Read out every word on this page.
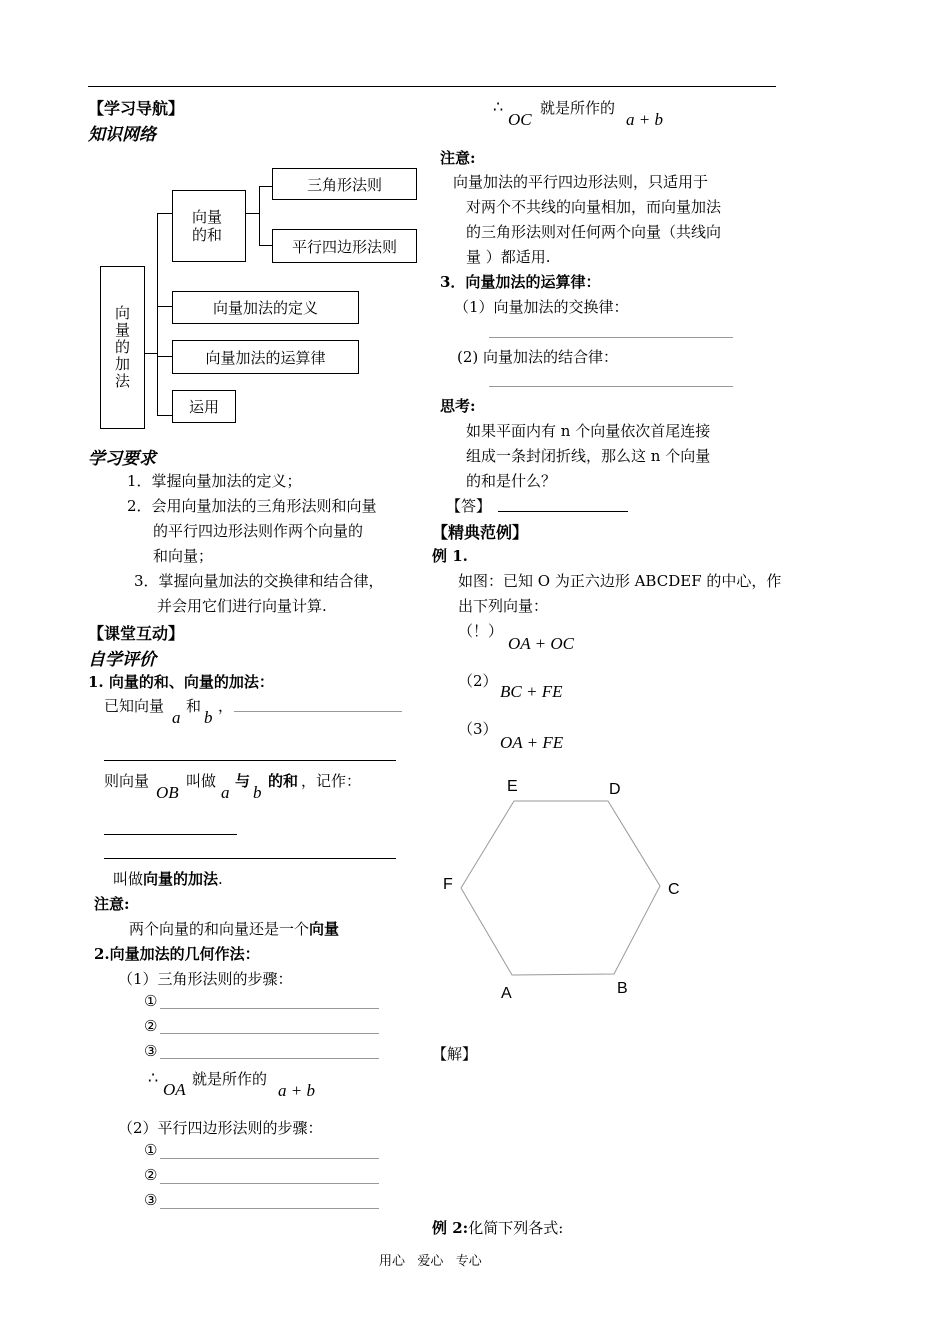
【学习导航】
知识网络
向量的加法
向量的和
三角形法则
平行四边形法则
向量加法的定义
向量加法的运算律
运用
学习要求
1．掌握向量加法的定义；
2．会用向量加法的三角形法则和向量
的平行四边形法则作两个向量的
和向量；
3．掌握向量加法的交换律和结合律，
并会用它们进行向量计算.
【课堂互动】
自学评价
1. 向量的和、向量的加法：
已知向量
a
和
b
，
则向量
OB
叫做
a
与
b
的和 ，记作：
叫做向量的加法.
注意:
两个向量的和向量还是一个向量
2.向量加法的几何作法：
（1）三角形法则的步骤：
①
②
③
∴
OA
就是所作的
a + b
（2）平行四边形法则的步骤：
①
②
③
∴
OC
就是所作的
a + b
注意:
向量加法的平行四边形法则，只适用于
对两个不共线的向量相加，而向量加法
的三角形法则对任何两个向量（共线向
量 ）都适用.
3．向量加法的运算律：
（1）向量加法的交换律：
(2) 向量加法的结合律：
思考:
如果平面内有 n 个向量依次首尾连接
组成一条封闭折线，那么这 n 个向量
的和是什么？
【答】
【精典范例】
例 1.
如图：已知 O 为正六边形 ABCDEF 的中心，作
出下列向量：
（！）
OA + OC
（2）
BC + FE
（3）
OA + FE
E	D
F	C
A	B
【解】
例 2:化简下列各式:
用心   爱心   专心
